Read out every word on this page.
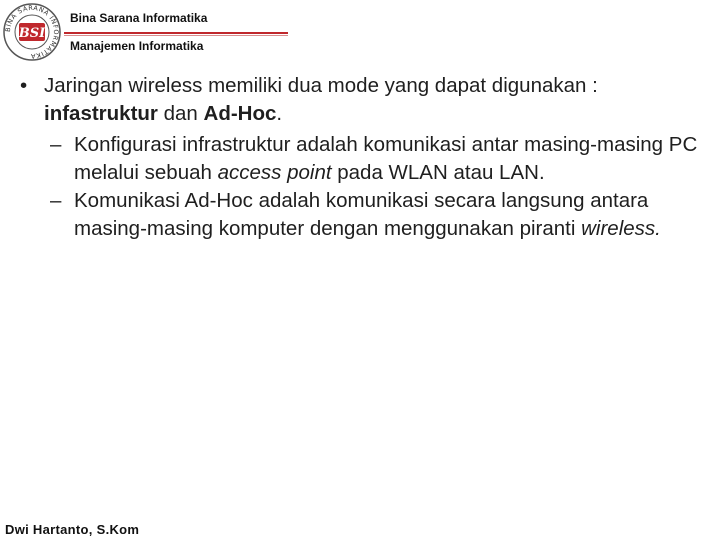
BINA SARANA INFORMATIKA
BSI
Bina Sarana Informatika
Manajemen Informatika
• Jaringan wireless memiliki dua mode yang dapat digunakan : infastruktur dan Ad-Hoc.
– Konfigurasi infrastruktur adalah komunikasi antar masing-masing PC melalui sebuah access point pada WLAN atau LAN.
– Komunikasi Ad-Hoc adalah komunikasi secara langsung antara masing-masing komputer dengan menggunakan piranti wireless.
Dwi Hartanto, S.Kom
